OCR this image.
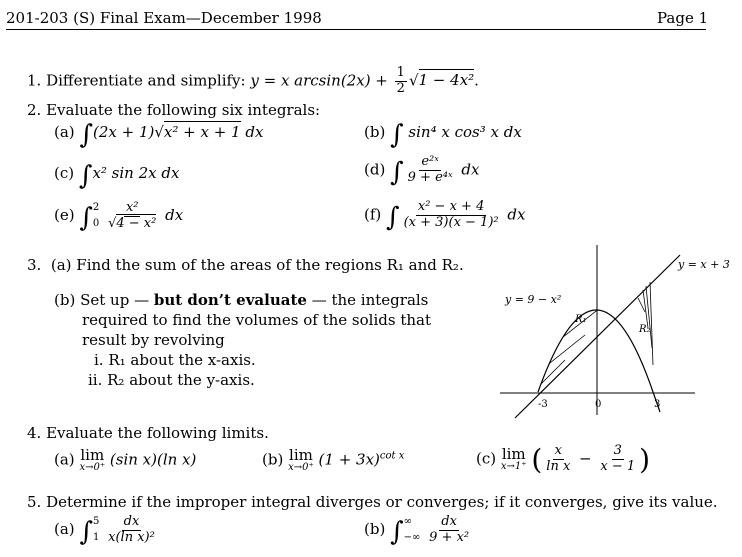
201-203 (S) Final Exam—December 1998	Page 1
1. Differentiate and simplify: y = x $\arcsin(2x) + \frac{1}{2} √1 - 4x^2$.
2. Evaluate the following six integrals:
(a) ∫(2x + 1)√x² + x + 1 dx	(b) ∫ sin⁴ x cos³ x dx
(c) ∫x² sin 2x dx	(d) ∫ $\frac{\text{e²ˣ}}{\text{9 + e⁴ˣ}}$ dx
(e) ∫ 2
0
$\frac{\text{x²}}{\text{√4 − x²}}$ dx	(f) ∫ $\frac{\text{x² − x + 4}}{\text{(x + 3)(x − 1)²}}$ dx
3. (a) Find the sum of the areas of the regions R₁ and R₂.
(b) Set up — but don’t evaluate — the integrals
required to find the volumes of the solids that
result by revolving
i. R₁ about the x-axis.
ii. R₂ about the y-axis.
y = 9 − x²
y = x + 3
R₁
R₂
-3	0	3
4. Evaluate the following limits.
(a) lim
x→0⁺ (sin x)(ln x)	(b) lim
x→0⁺ $(1 + 3x)^{cot x}$	(c) lim
x→1⁺ ( $\frac{x}{\text{ln x}} - \frac{3}{x - 1}$ )
5. Determine if the improper integral diverges or converges; if it converges, give its value.
(a) ∫ 5
1
$\frac{dx}{\text{x(ln x)²}}$	(b) ∫ ∞
−∞
$\frac{dx}{\text{9 + x²}}$
